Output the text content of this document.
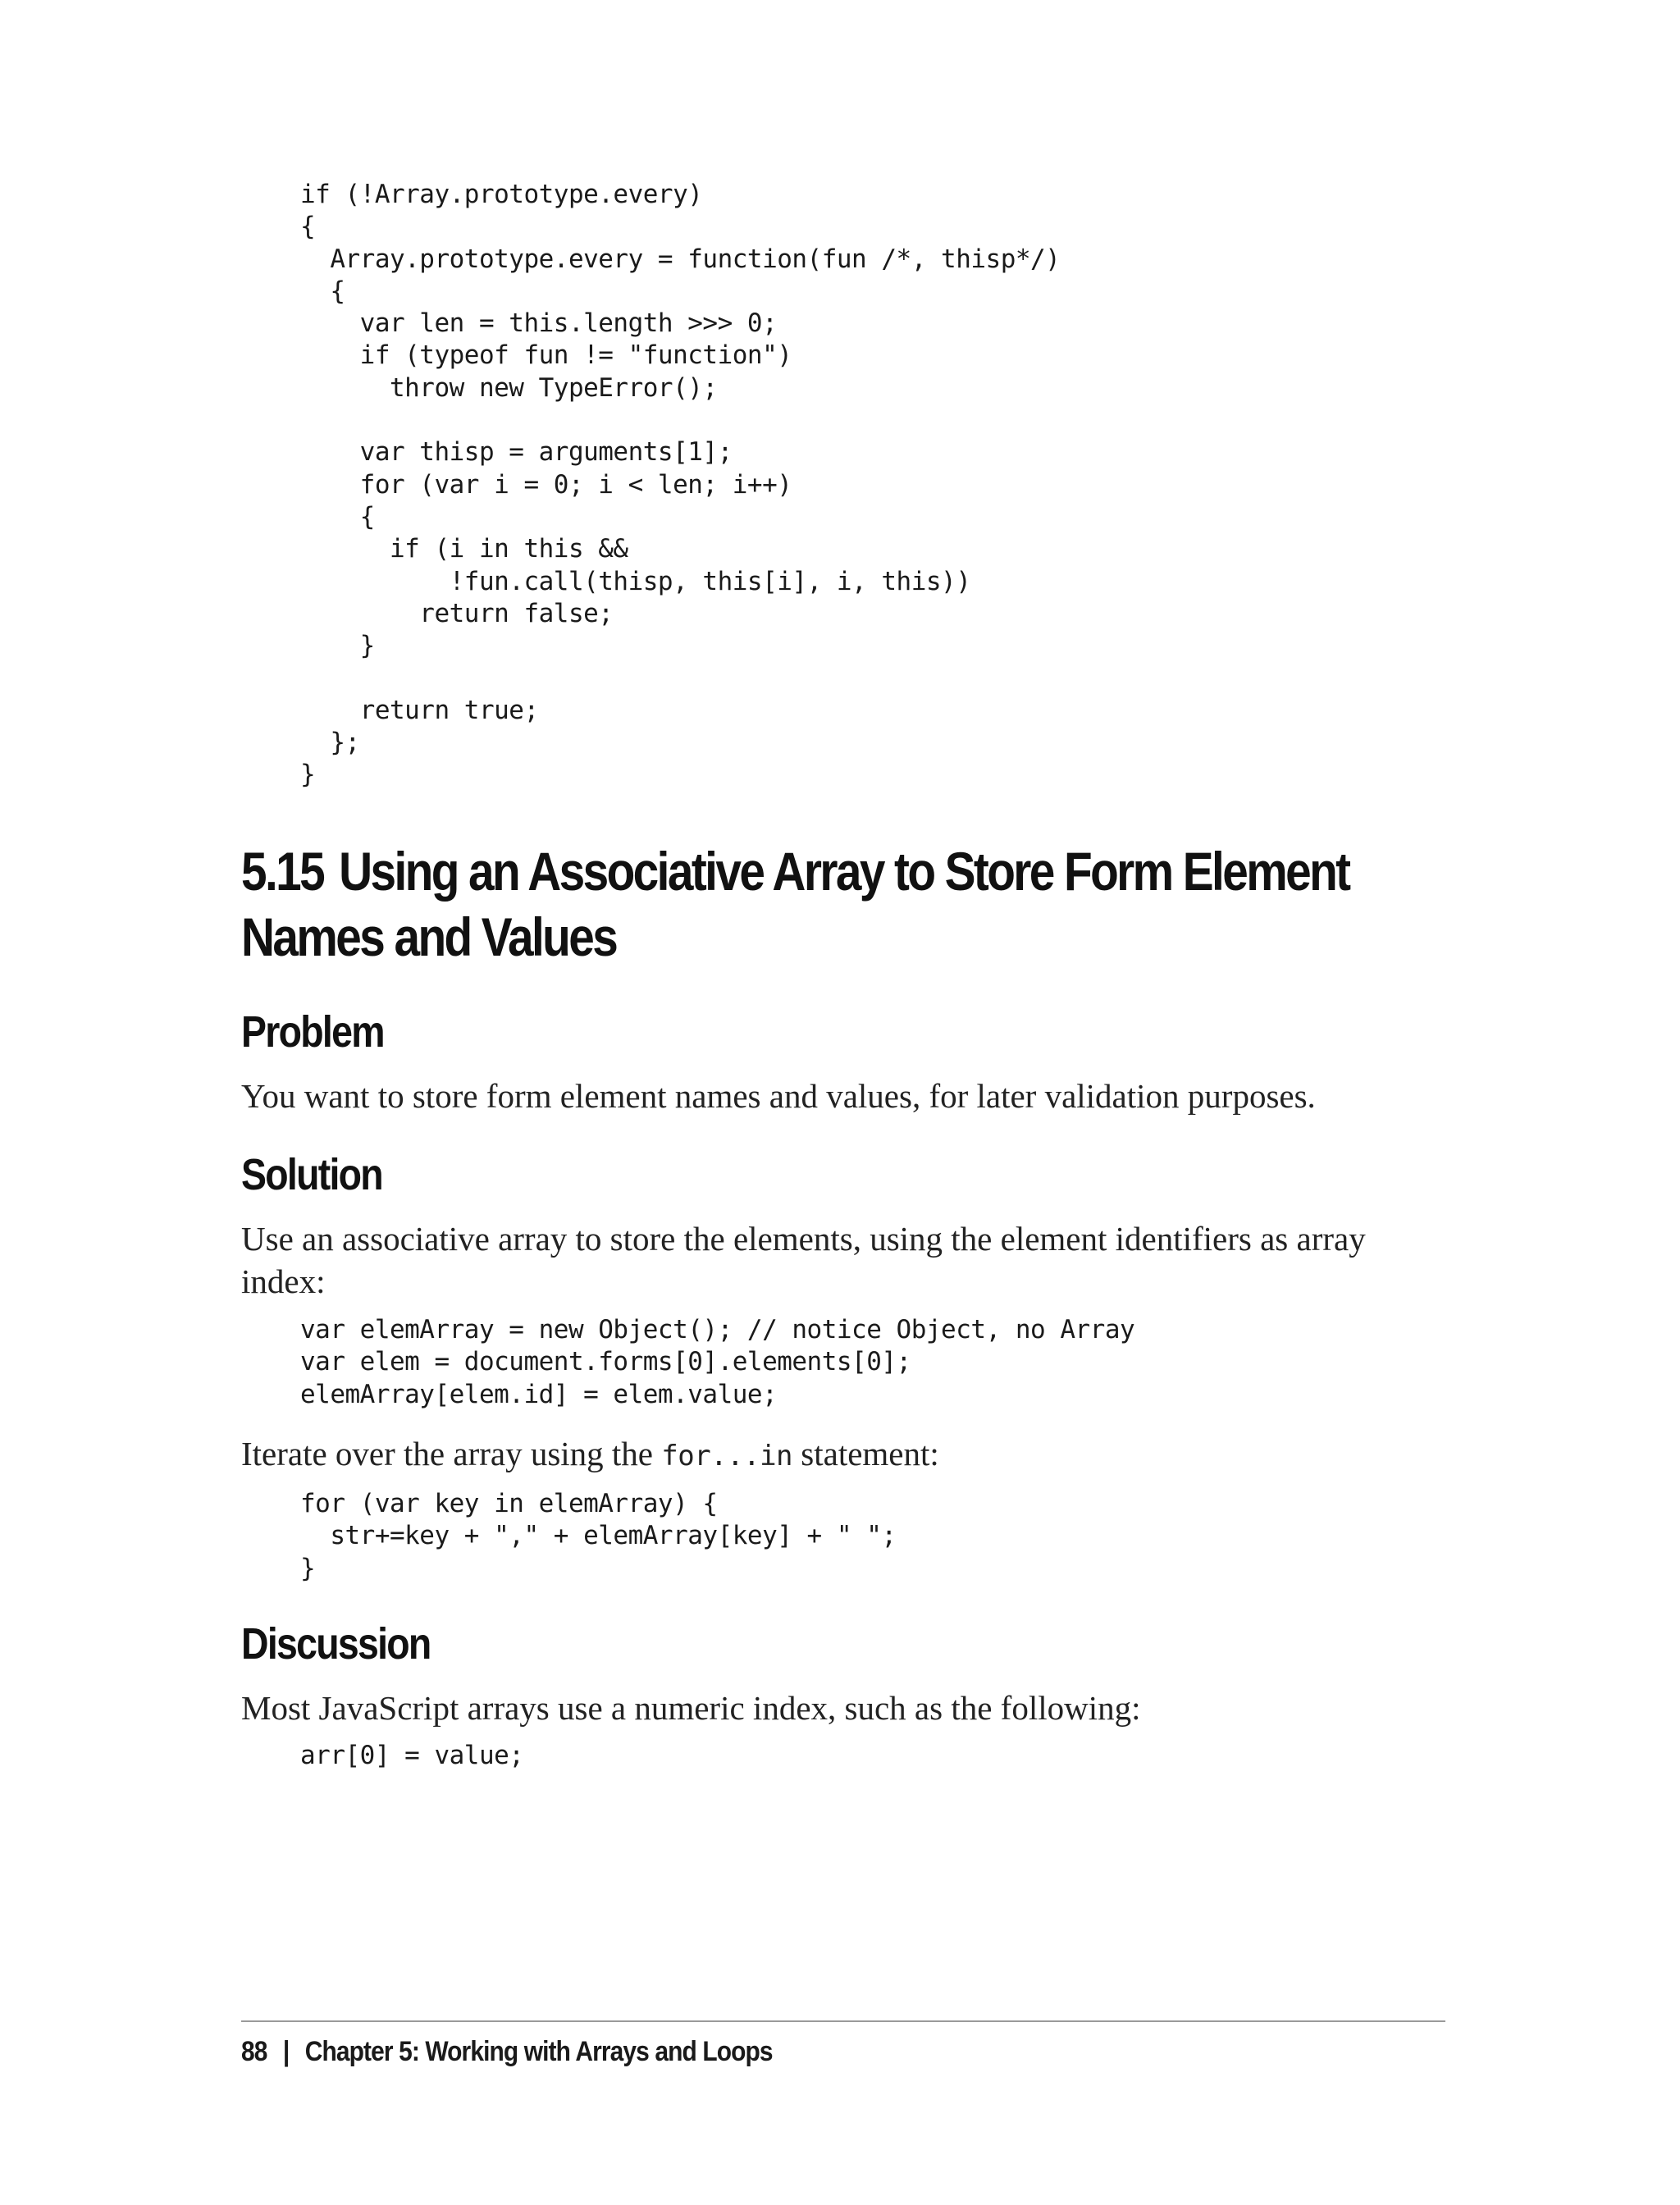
if (!Array.prototype.every)
{
Array.prototype.every = function(fun /*, thisp*/)
{
var len = this.length >>> 0;
if (typeof fun != "function")
throw new TypeError();

var thisp = arguments[1];
for (var i = 0; i < len; i++)
{
if (i in this &&
!fun.call(thisp, this[i], i, this))
return false;
}

return true;
};
}
5.15 Using an Associative Array to Store Form Element Names and Values
Problem

You want to store form element names and values, for later validation purposes.

Solution

Use an associative array to store the elements, using the element identifiers as array index:

var elemArray = new Object(); // notice Object, no Array
var elem = document.forms[0].elements[0];
elemArray[elem.id] = elem.value;

Iterate over the array using the for...in statement:

for (var key in elemArray) {
str+=key + "," + elemArray[key] + " ";
}
Discussion

Most JavaScript arrays use a numeric index, such as the following:

arr[0] = value;
88 | Chapter 5: Working with Arrays and Loops
